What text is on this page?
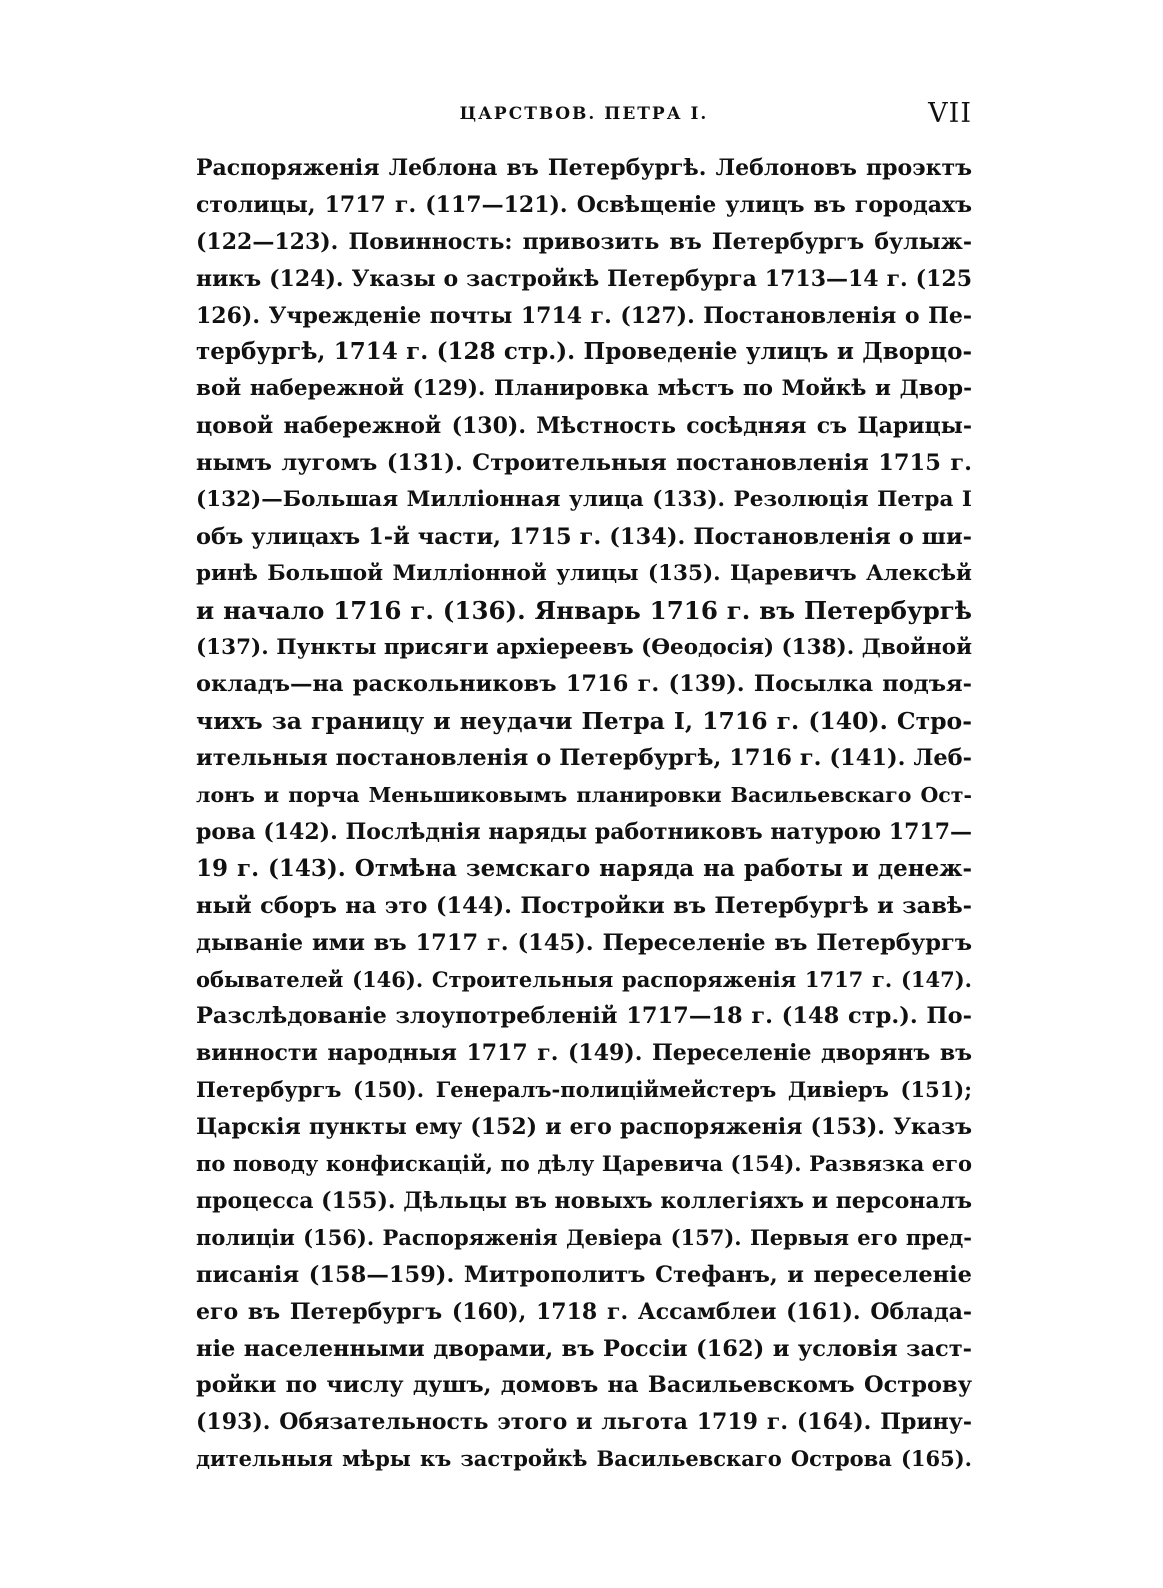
ЦАРСТВОВ. ПЕТРА I.	VII
Распоряженія Леблона въ Петербургѣ. Леблоновъ проэктъ
столицы, 1717 г. (117—121). Освѣщеніе улицъ въ городахъ
(122—123). Повинность: привозить въ Петербургъ булыж-
никъ (124). Указы о застройкѣ Петербурга 1713—14 г. (125
126). Учрежденіе почты 1714 г. (127). Постановленія о Пе-
тербургѣ, 1714 г. (128 стр.). Проведеніе улицъ и Дворцо-
вой набережной (129). Планировка мѣстъ по Мойкѣ и Двор-
цовой набережной (130). Мѣстность сосѣдняя съ Царицы-
нымъ лугомъ (131). Строительныя постановленія 1715 г.
(132)—Большая Милліонная улица (133). Резолюція Петра I
объ улицахъ 1-й части, 1715 г. (134). Постановленія о ши-
ринѣ Большой Милліонной улицы (135). Царевичъ Алексѣй
и начало 1716 г. (136). Январь 1716 г. въ Петербургѣ
(137). Пункты присяги архіереевъ (Ѳеодосія) (138). Двойной
окладъ—на раскольниковъ 1716 г. (139). Посылка подъя-
чихъ за границу и неудачи Петра I, 1716 г. (140). Стро-
ительныя постановленія о Петербургѣ, 1716 г. (141). Леб-
лонъ и порча Меньшиковымъ планировки Васильевскаго Ост-
рова (142). Послѣднія наряды работниковъ натурою 1717—
19 г. (143). Отмѣна земскаго наряда на работы и денеж-
ный сборъ на это (144). Постройки въ Петербургѣ и завѣ-
дываніе ими въ 1717 г. (145). Переселеніе въ Петербургъ
обывателей (146). Строительныя распоряженія 1717 г. (147).
Разслѣдованіе злоупотребленій 1717—18 г. (148 стр.). По-
винности народныя 1717 г. (149). Переселеніе дворянъ въ
Петербургъ (150). Генералъ-полиціймейстеръ Дивіеръ (151);
Царскія пункты ему (152) и его распоряженія (153). Указъ
по поводу конфискацій, по дѣлу Царевича (154). Развязка его
процесса (155). Дѣльцы въ новыхъ коллегіяхъ и персоналъ
полиціи (156). Распоряженія Девіера (157). Первыя его пред-
писанія (158—159). Митрополитъ Стефанъ, и переселеніе
его въ Петербургъ (160), 1718 г. Ассамблеи (161). Облада-
ніе населенными дворами, въ Россіи (162) и условія заст-
ройки по числу душъ, домовъ на Васильевскомъ Острову
(193). Обязательность этого и льгота 1719 г. (164). Прину-
дительныя мѣры къ застройкѣ Васильевскаго Острова (165).
